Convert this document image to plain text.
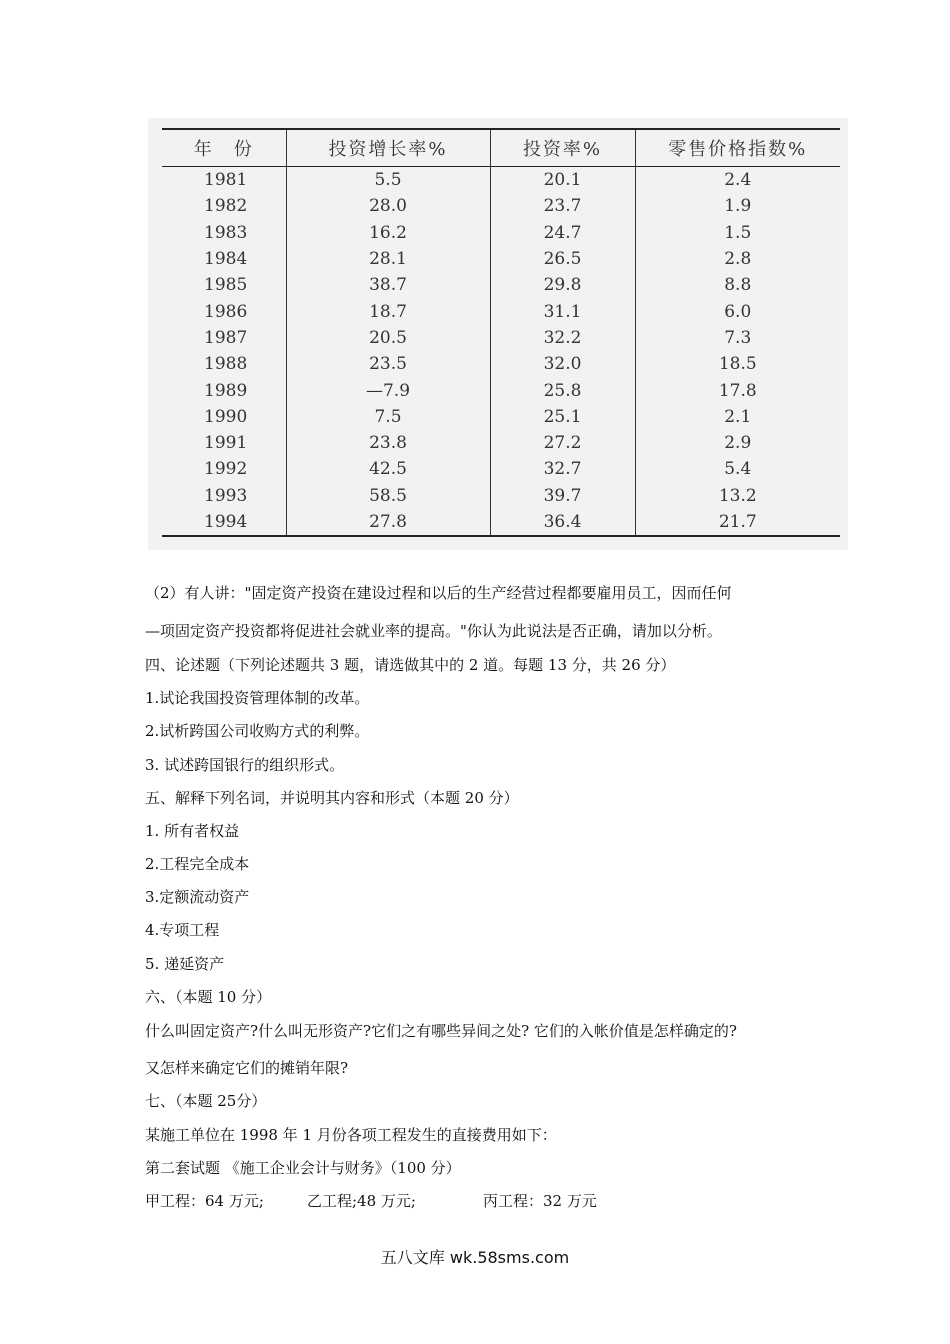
年　份	投资增长率%	投资率%	零售价格指数%
1981	5.5	20.1	2.4
1982	28.0	23.7	1.9
1983	16.2	24.7	1.5
1984	28.1	26.5	2.8
1985	38.7	29.8	8.8
1986	18.7	31.1	6.0
1987	20.5	32.2	7.3
1988	23.5	32.0	18.5
1989	—7.9	25.8	17.8
1990	7.5	25.1	2.1
1991	23.8	27.2	2.9
1992	42.5	32.7	5.4
1993	58.5	39.7	13.2
1994	27.8	36.4	21.7
（2）有人讲："固定资产投资在建设过程和以后的生产经营过程都要雇用员工，因而任何
—项固定资产投资都将促进社会就业率的提高。"你认为此说法是否正确，请加以分析。
四、论述题（下列论述题共 3 题，请选做其中的 2 道。每题 13 分，共 26 分）
1.试论我国投资管理体制的改革。
2.试析跨国公司收购方式的利弊。
3. 试述跨国银行的组织形式。
五、解释下列名词，并说明其内容和形式（本题 20 分）
1. 所有者权益
2.工程完全成本
3.定额流动资产
4.专项工程
5. 递延资产
六、（本题 10 分）
什么叫固定资产?什么叫无形资产?它们之有哪些异间之处? 它们的入帐价值是怎样确定的?
又怎样来确定它们的摊销年限?
七、（本题 25分）
某施工单位在 1998 年 1 月份各项工程发生的直接费用如下：
第二套试题 《施工企业会计与财务》（100 分）
甲工程：64 万元;	乙工程;48 万元;	丙工程：32 万元
五八文库 wk.58sms.com
